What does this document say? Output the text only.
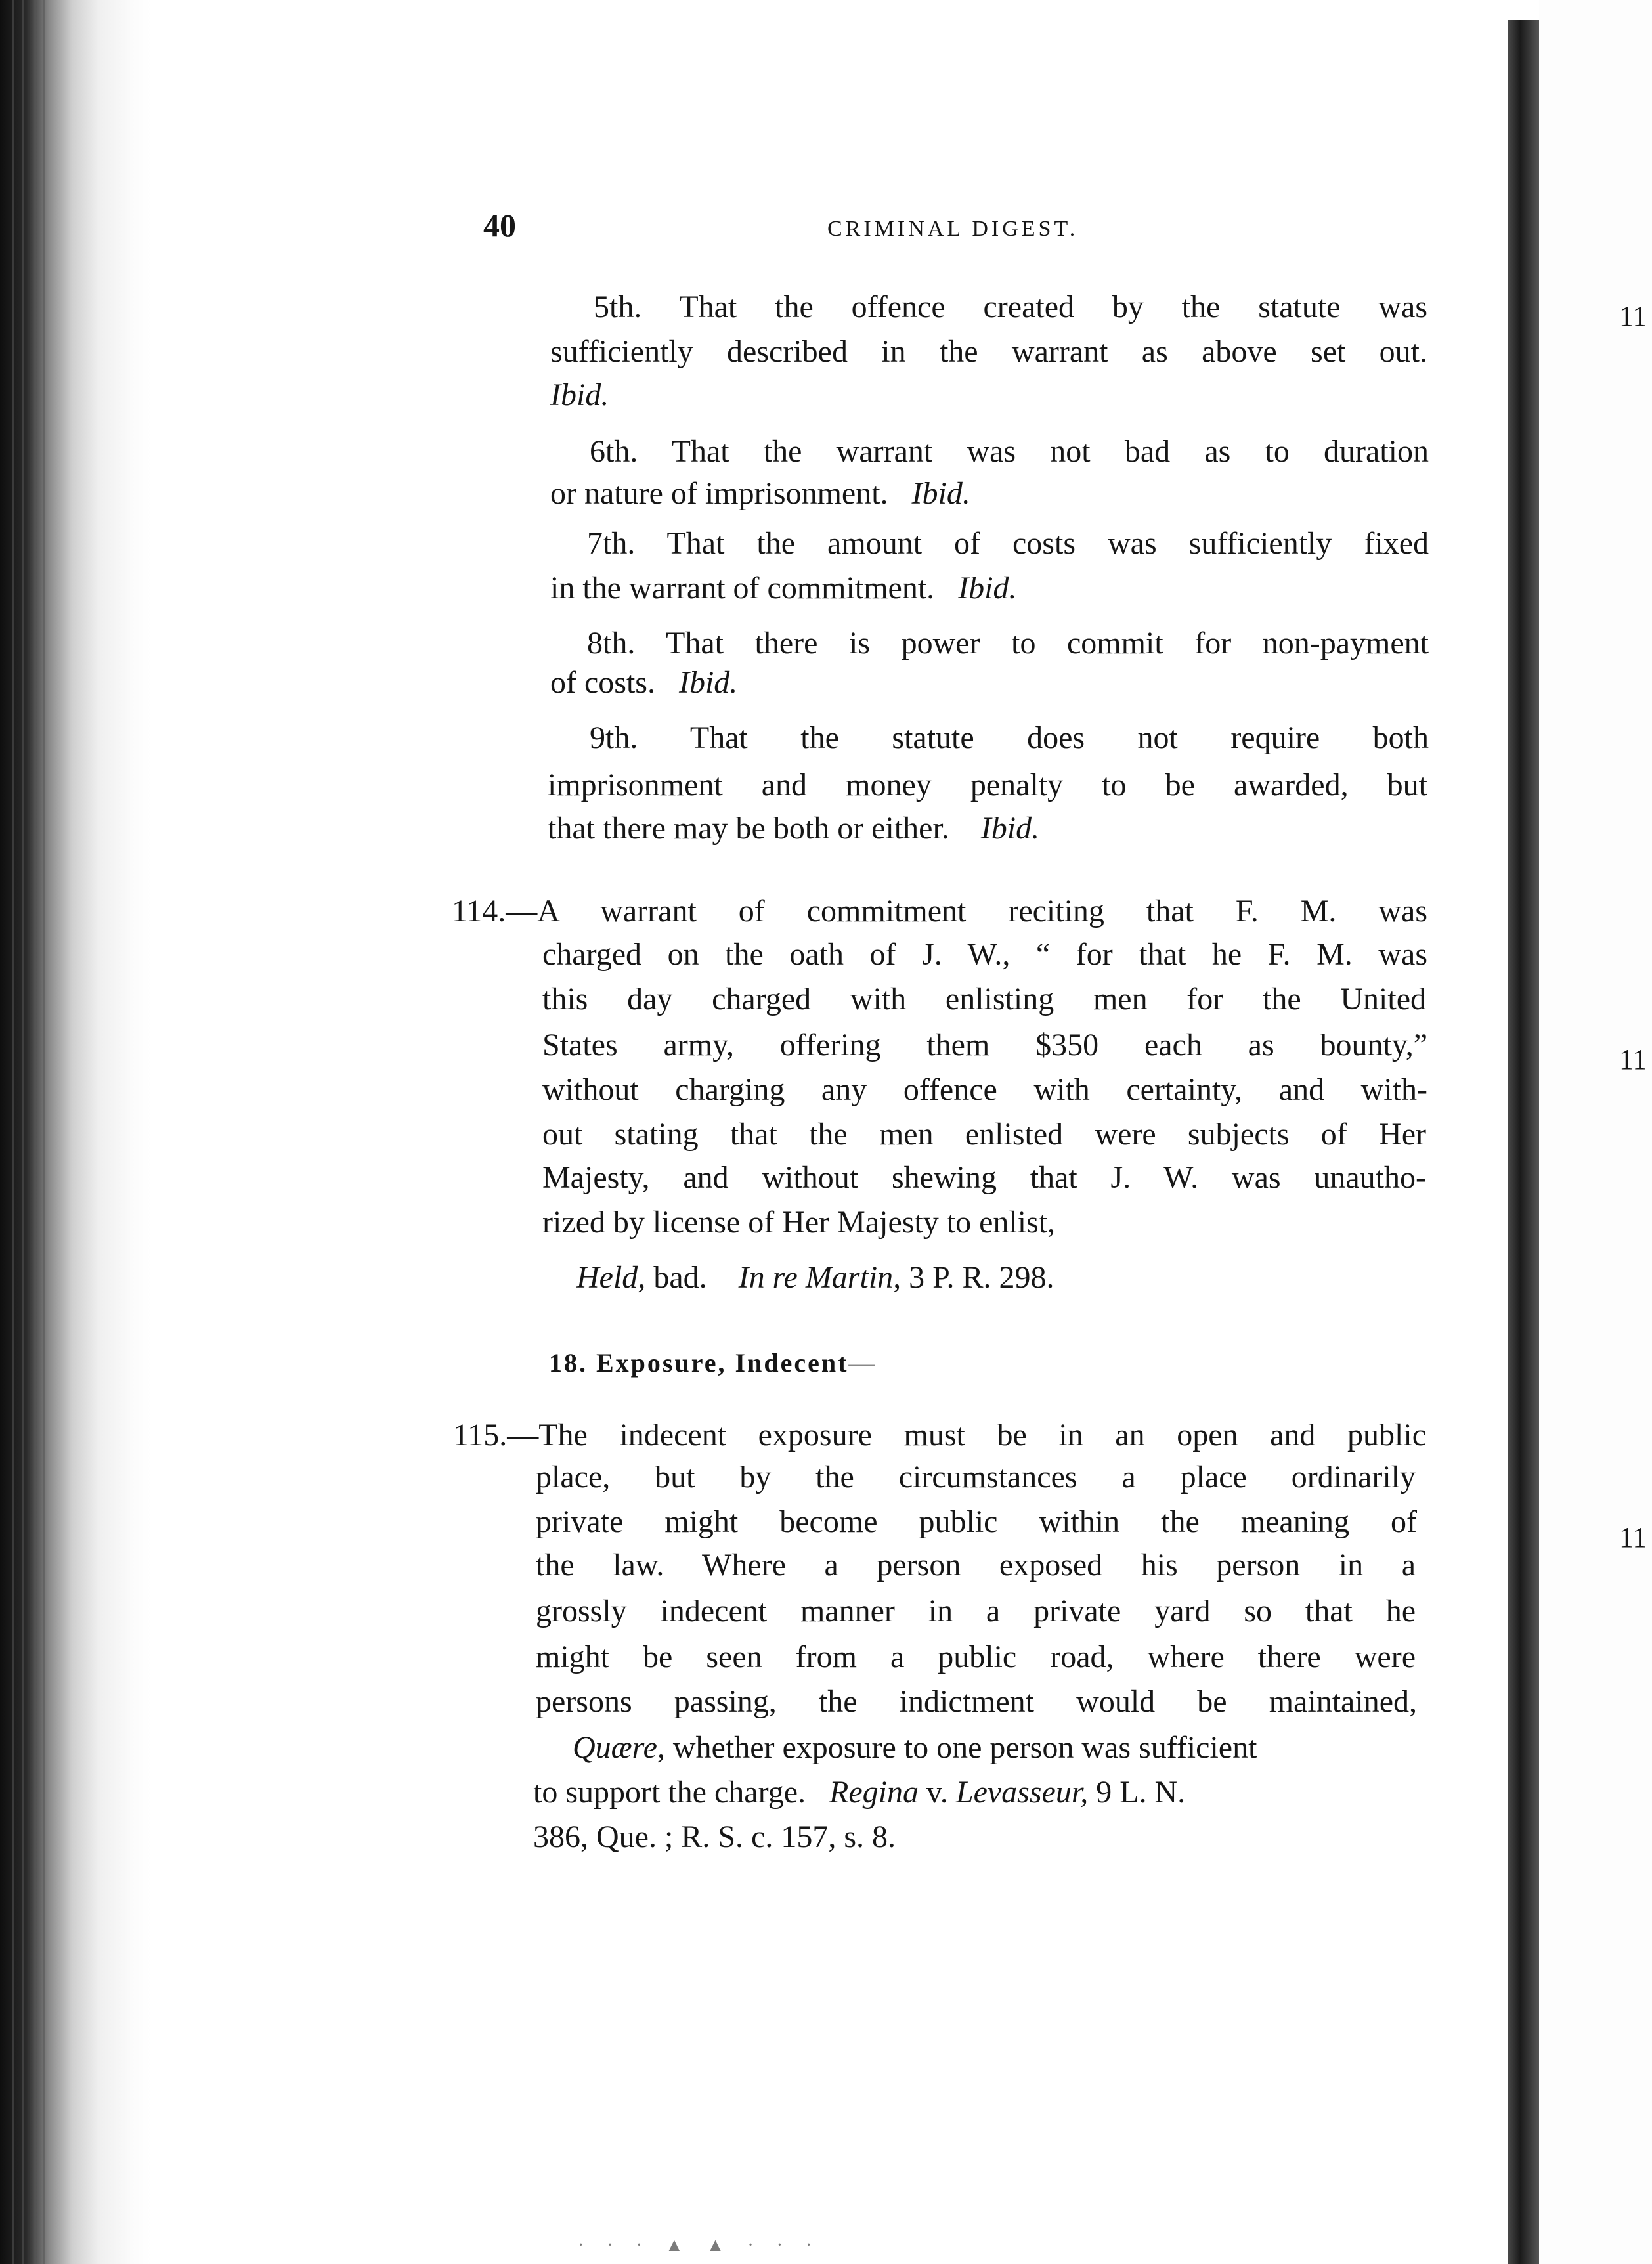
11
11
11
40	CRIMINAL DIGEST.
5th. That the offence created by the statute was
sufficiently described in the warrant as above set out.
Ibid.
6th. That the warrant was not bad as to duration
or nature of imprisonment. Ibid.
7th. That the amount of costs was sufficiently fixed
in the warrant of commitment. Ibid.
8th. That there is power to commit for non-payment
of costs. Ibid.
9th. That the statute does not require both
imprisonment and money penalty to be awarded, but
that there may be both or either. Ibid.
114.—A warrant of commitment reciting that F. M. was
charged on the oath of J. W., “ for that he F. M. was
this day charged with enlisting men for the United
States army, offering them $350 each as bounty,”
without charging any offence with certainty, and with-
out stating that the men enlisted were subjects of Her
Majesty, and without shewing that J. W. was unautho-
rized by license of Her Majesty to enlist,
Held, bad. In re Martin, 3 P. R. 298.
18. Exposure, Indecent—
115.—The indecent exposure must be in an open and public
place, but by the circumstances a place ordinarily
private might become public within the meaning of
the law. Where a person exposed his person in a
grossly indecent manner in a private yard so that he
might be seen from a public road, where there were
persons passing, the indictment would be maintained,
Quære, whether exposure to one person was sufficient
to support the charge. Regina v. Levasseur, 9 L. N.
386, Que. ; R. S. c. 157, s. 8.
· · · ▲ ▲ · · ·
